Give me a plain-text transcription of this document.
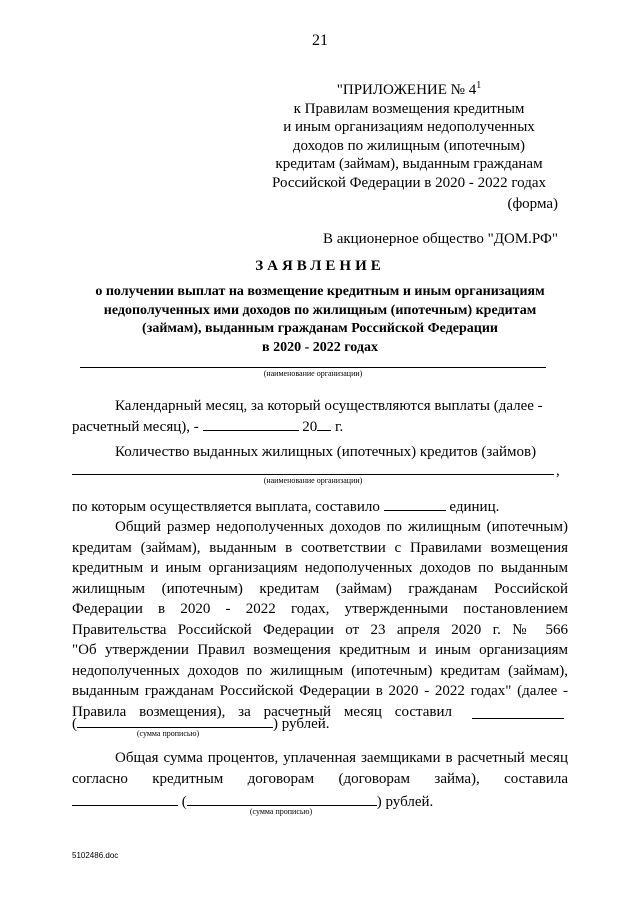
21
"ПРИЛОЖЕНИЕ № $4^1$
к Правилам возмещения кредитным
и иным организациям недополученных
доходов по жилищным (ипотечным)
кредитам (займам), выданным гражданам
Российской Федерации в 2020 - 2022 годах
(форма)
В акционерное общество "ДОМ.РФ"
ЗАЯВЛЕНИЕ
о получении выплат на возмещение кредитным и иным организациям
недополученных ими доходов по жилищным (ипотечным) кредитам
(займам), выданным гражданам Российской Федерации
в 2020 - 2022 годах
(наименование организации)
Календарный месяц, за который осуществляются выплаты (далее -
расчетный месяц), -	20 г.
Количество выданных жилищных (ипотечных) кредитов (займов)
,
(наименование организации)
по которым осуществляется выплата, составило	единиц.
Общий размер недополученных доходов по жилищным (ипотечным)
кредитам (займам), выданным в соответствии с Правилами возмещения
кредитным и иным организациям недополученных доходов по выданным
жилищным (ипотечным) кредитам (займам) гражданам Российской
Федерации в 2020 - 2022 годах, утвержденными постановлением
Правительства Российской Федерации от 23 апреля 2020 г. № 566
"Об утверждении Правил возмещения кредитным и иным организациям
недополученных доходов по жилищным (ипотечным) кредитам (займам),
выданным гражданам Российской Федерации в 2020 - 2022 годах" (далее -
Правила возмещения), за расчетный месяц составил
(	) рублей.
(сумма прописью)
Общая сумма процентов, уплаченная заемщиками в расчетный месяц
согласно кредитным договорам (договорам займа), составила
(	) рублей.
(сумма прописью)
5102486.doc
